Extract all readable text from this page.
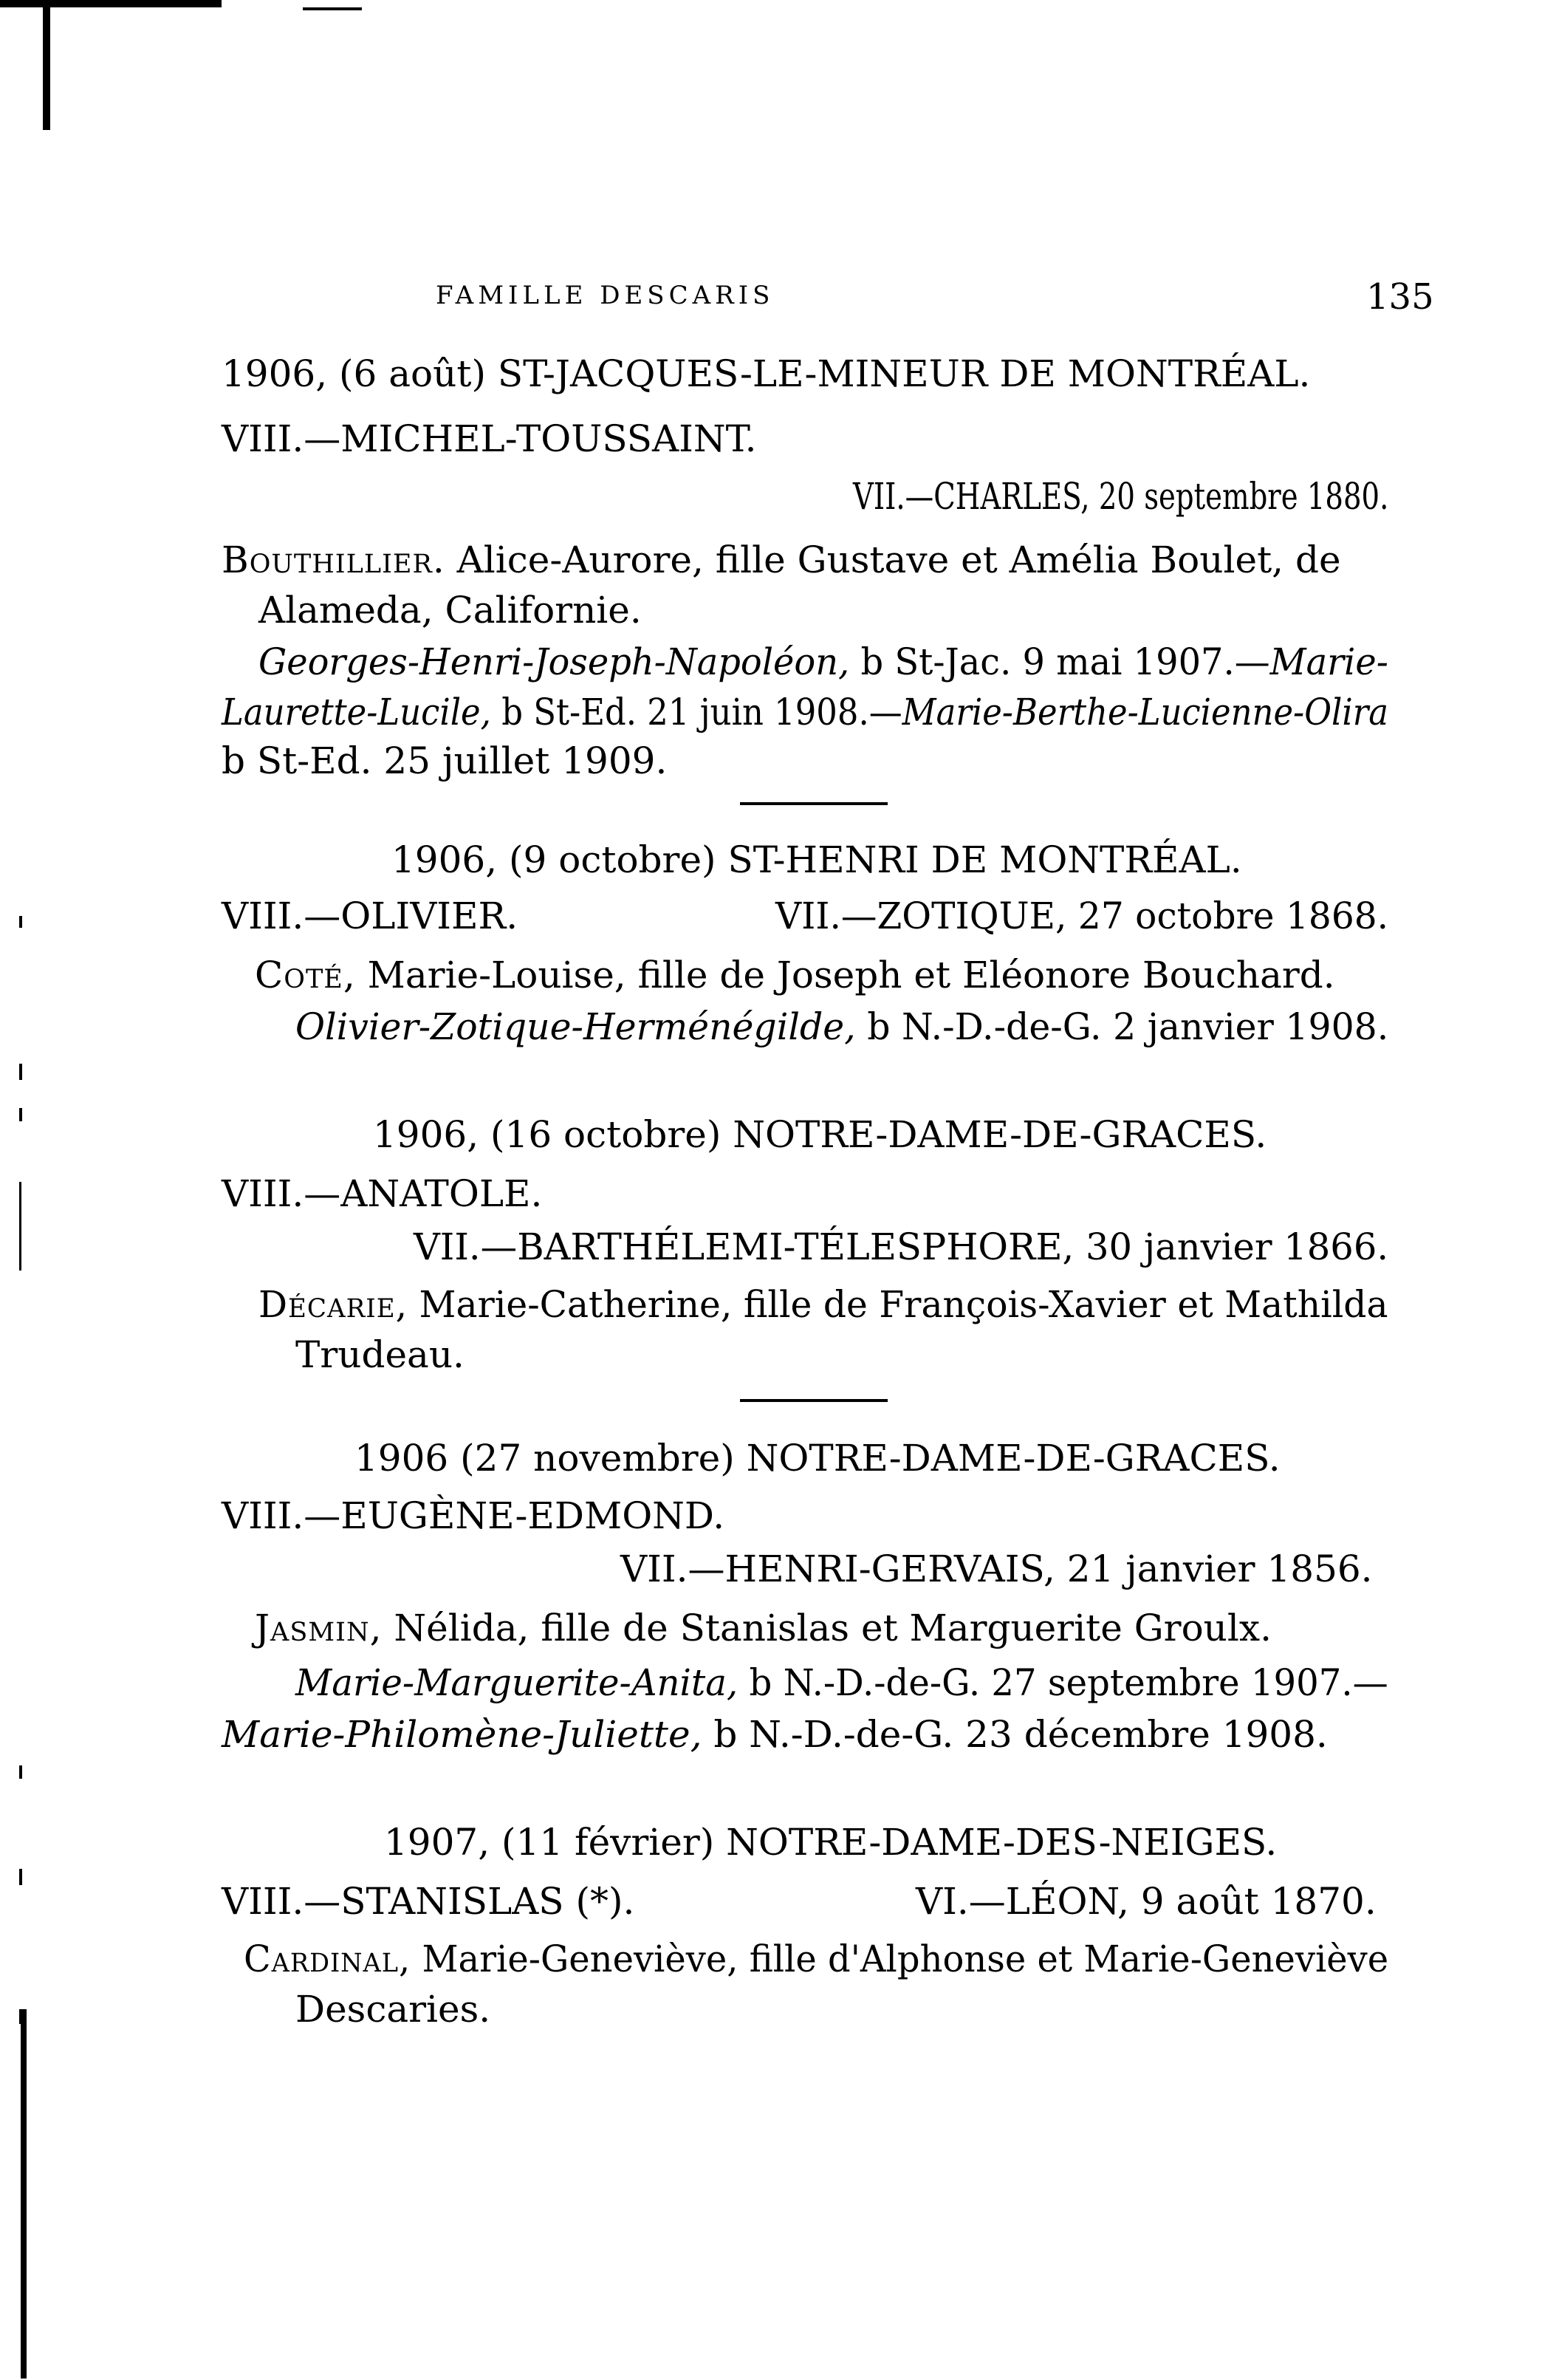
FAMILLE DESCARIS	135
1906, (6 août) ST-JACQUES-LE-MINEUR DE MONTRÉAL.
VIII.—MICHEL-TOUSSAINT.
VII.—CHARLES, 20 septembre 1880.
Bouthillier. Alice-Aurore, fille Gustave et Amélia Boulet, de
Alameda, Californie.
Georges-Henri-Joseph-Napoléon, b St-Jac. 9 mai 1907.—Marie-
Laurette-Lucile, b St-Ed. 21 juin 1908.—Marie-Berthe-Lucienne-Olira
b St-Ed. 25 juillet 1909.
1906, (9 octobre) ST-HENRI DE MONTRÉAL.
VIII.—OLIVIER.	VII.—ZOTIQUE, 27 octobre 1868.
Coté, Marie-Louise, fille de Joseph et Eléonore Bouchard.
Olivier-Zotique-Herménégilde, b N.-D.-de-G. 2 janvier 1908.
1906, (16 octobre) NOTRE-DAME-DE-GRACES.
VIII.—ANATOLE.
VII.—BARTHÉLEMI-TÉLESPHORE, 30 janvier 1866.
Décarie, Marie-Catherine, fille de François-Xavier et Mathilda
Trudeau.
1906 (27 novembre) NOTRE-DAME-DE-GRACES.
VIII.—EUGÈNE-EDMOND.
VII.—HENRI-GERVAIS, 21 janvier 1856.
Jasmin, Nélida, fille de Stanislas et Marguerite Groulx.
Marie-Marguerite-Anita, b N.-D.-de-G. 27 septembre 1907.—
Marie-Philomène-Juliette, b N.-D.-de-G. 23 décembre 1908.
1907, (11 février) NOTRE-DAME-DES-NEIGES.
VIII.—STANISLAS (*).	VI.—LÉON, 9 août 1870.
Cardinal, Marie-Geneviève, fille d'Alphonse et Marie-Geneviève
Descaries.
